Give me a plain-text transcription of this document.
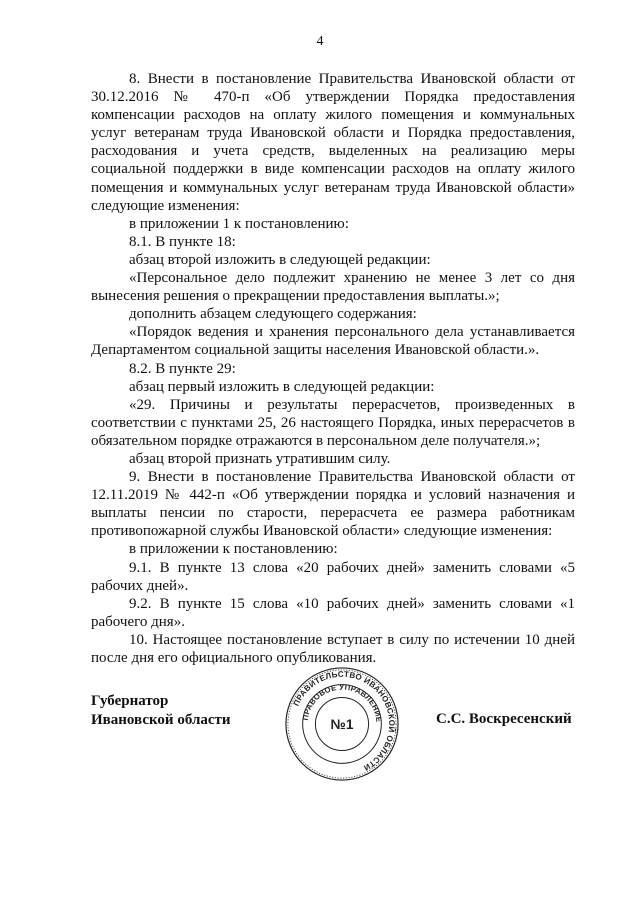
4

8. Внести в постановление Правительства Ивановской области от 30.12.2016 № 470-п «Об утверждении Порядка предоставления компенсации расходов на оплату жилого помещения и коммунальных услуг ветеранам труда Ивановской области и Порядка предоставления, расходования и учета средств, выделенных на реализацию меры социальной поддержки в виде компенсации расходов на оплату жилого помещения и коммунальных услуг ветеранам труда Ивановской области» следующие изменения:

в приложении 1 к постановлению:

8.1. В пункте 18:

абзац второй изложить в следующей редакции:

«Персональное дело подлежит хранению не менее 3 лет со дня вынесения решения о прекращении предоставления выплаты.»;

дополнить абзацем следующего содержания:

«Порядок ведения и хранения персонального дела устанавливается Департаментом социальной защиты населения Ивановской области.».

8.2. В пункте 29:

абзац первый изложить в следующей редакции:

«29. Причины и результаты перерасчетов, произведенных в соответствии с пунктами 25, 26 настоящего Порядка, иных перерасчетов в обязательном порядке отражаются в персональном деле получателя.»;

абзац второй признать утратившим силу.

9. Внести в постановление Правительства Ивановской области от 12.11.2019 № 442-п «Об утверждении порядка и условий назначения и выплаты пенсии по старости, перерасчета ее размера работникам противопожарной службы Ивановской области» следующие изменения:

в приложении к постановлению:

9.1. В пункте 13 слова «20 рабочих дней» заменить словами «5 рабочих дней».

9.2. В пункте 15 слова «10 рабочих дней» заменить словами «1 рабочего дня».

10. Настоящее постановление вступает в силу по истечении 10 дней после дня его официального опубликования.

Губернатор
Ивановской области
ПРАВИТЕЛЬСТВО ИВАНОВСКОЙ ОБЛАСТИ
ПРАВОВОЕ УПРАВЛЕНИЕ
№1	С.С. Воскресенский
